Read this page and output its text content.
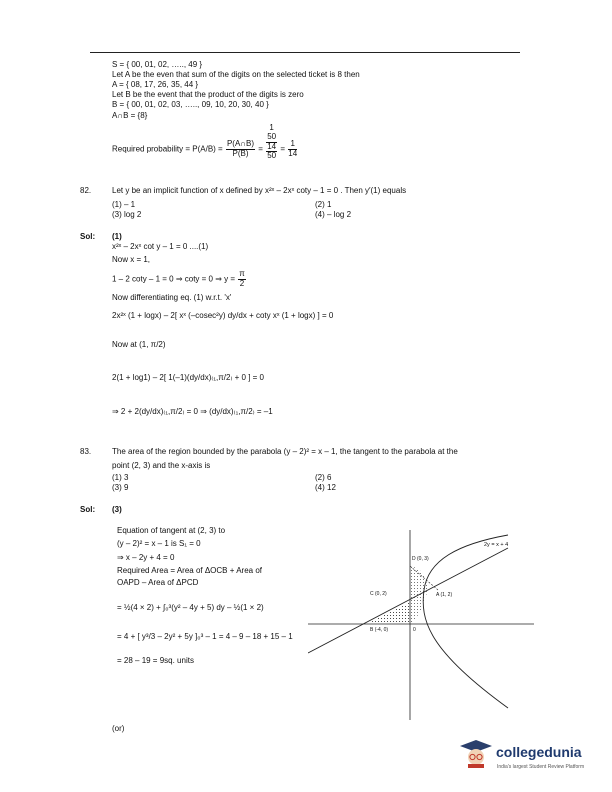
S = { 00, 01, 02, ….., 49 }
Let A be the even that sum of the digits on the selected ticket is 8 then
A = { 08, 17, 26, 35, 44 }
Let B be the event that the product of the digits is zero
B = { 00, 01, 02, 03, ….., 09, 10, 20, 30, 40 }
A∩B = {8}
Required probability = $P(A/B) = \frac{P(A\cap B)}{P(B)}$ =
1
50
14
50
= $\frac{1}{14}$
82.	Let y be an implicit function of x defined by x²ˣ – 2xˣ coty – 1 = 0 . Then y′(1) equals
(1) – 1	(2) 1
(3) log 2	(4) – log 2
Sol: (1)
x²ˣ – 2xˣ cot y – 1 = 0 ....(1)
Now x = 1,
1 – 2 coty – 1 = 0 ⇒ coty = 0 ⇒ $y = \frac{\pi}{2}$
Now differentiating eq. (1) w.r.t. 'x'
2x²ˣ (1 + logx) – 2[ xˣ (–cosec²y) dy/dx + coty xˣ (1 + logx) ] = 0
Now at (1, π/2)
2(1 + log1) – 2[ 1(–1)(dy/dx)₍₁,π/2₎ + 0 ] = 0
⇒ 2 + 2(dy/dx)₍₁,π/2₎ = 0 ⇒ (dy/dx)₍₁,π/2₎ = –1
83.	The area of the region bounded by the parabola (y – 2)² = x – 1, the tangent to the parabola at the
point (2, 3) and the x-axis is
(1) 3	(2) 6
(3) 9	(4) 12
Sol: (3)
Equation of tangent at (2, 3) to
(y – 2)² = x – 1 is S₁ = 0
⇒ x – 2y + 4 = 0
Required Area = Area of ΔOCB + Area of
OAPD – Area of ΔPCD
= ½(4 × 2) + ∫₀³(y² – 4y + 5) dy – ½(1 × 2)
= 4 + [ y³/3 – 2y² + 5y ]₀³ – 1 = 4 – 9 – 18 + 15 – 1
= 28 – 19 = 9sq. units
(or)
2y = x + 4
D (0, 3)
C (0, 2)	A (1, 2)
B (-4, 0)	0
collegedunia
India's largest Student Review Platform
